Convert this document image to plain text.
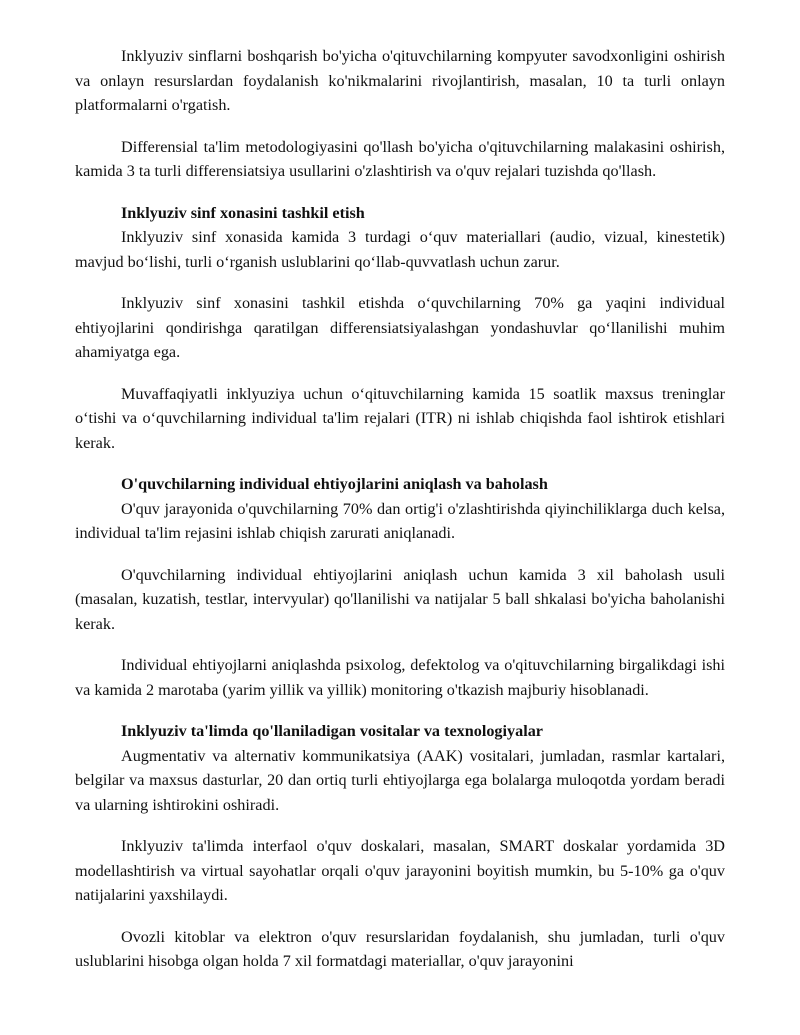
Inklyuziv sinflarni boshqarish bo'yicha o'qituvchilarning kompyuter savodxonligini oshirish va onlayn resurslardan foydalanish ko'nikmalarini rivojlantirish, masalan, 10 ta turli onlayn platformalarni o'rgatish.

Differensial ta'lim metodologiyasini qo'llash bo'yicha o'qituvchilarning malakasini oshirish, kamida 3 ta turli differensiatsiya usullarini o'zlashtirish va o'quv rejalari tuzishda qo'llash.

Inklyuziv sinf xonasini tashkil etish

Inklyuziv sinf xonasida kamida 3 turdagi o‘quv materiallari (audio, vizual, kinestetik) mavjud bo‘lishi, turli o‘rganish uslublarini qo‘llab-quvvatlash uchun zarur.

Inklyuziv sinf xonasini tashkil etishda o‘quvchilarning 70% ga yaqini individual ehtiyojlarini qondirishga qaratilgan differensiatsiyalashgan yondashuvlar qo‘llanilishi muhim ahamiyatga ega.

Muvaffaqiyatli inklyuziya uchun o‘qituvchilarning kamida 15 soatlik maxsus treninglar o‘tishi va o‘quvchilarning individual ta'lim rejalari (ITR) ni ishlab chiqishda faol ishtirok etishlari kerak.

O'quvchilarning individual ehtiyojlarini aniqlash va baholash

O'quv jarayonida o'quvchilarning 70% dan ortig'i o'zlashtirishda qiyinchiliklarga duch kelsa, individual ta'lim rejasini ishlab chiqish zarurati aniqlanadi.

O'quvchilarning individual ehtiyojlarini aniqlash uchun kamida 3 xil baholash usuli (masalan, kuzatish, testlar, intervyular) qo'llanilishi va natijalar 5 ball shkalasi bo'yicha baholanishi kerak.

Individual ehtiyojlarni aniqlashda psixolog, defektolog va o'qituvchilarning birgalikdagi ishi va kamida 2 marotaba (yarim yillik va yillik) monitoring o'tkazish majburiy hisoblanadi.

Inklyuziv ta'limda qo'llaniladigan vositalar va texnologiyalar

Augmentativ va alternativ kommunikatsiya (AAK) vositalari, jumladan, rasmlar kartalari, belgilar va maxsus dasturlar, 20 dan ortiq turli ehtiyojlarga ega bolalarga muloqotda yordam beradi va ularning ishtirokini oshiradi.

Inklyuziv ta'limda interfaol o'quv doskalari, masalan, SMART doskalar yordamida 3D modellashtirish va virtual sayohatlar orqali o'quv jarayonini boyitish mumkin, bu 5-10% ga o'quv natijalarini yaxshilaydi.

Ovozli kitoblar va elektron o'quv resurslaridan foydalanish, shu jumladan, turli o'quv uslublarini hisobga olgan holda 7 xil formatdagi materiallar, o'quv jarayonini
